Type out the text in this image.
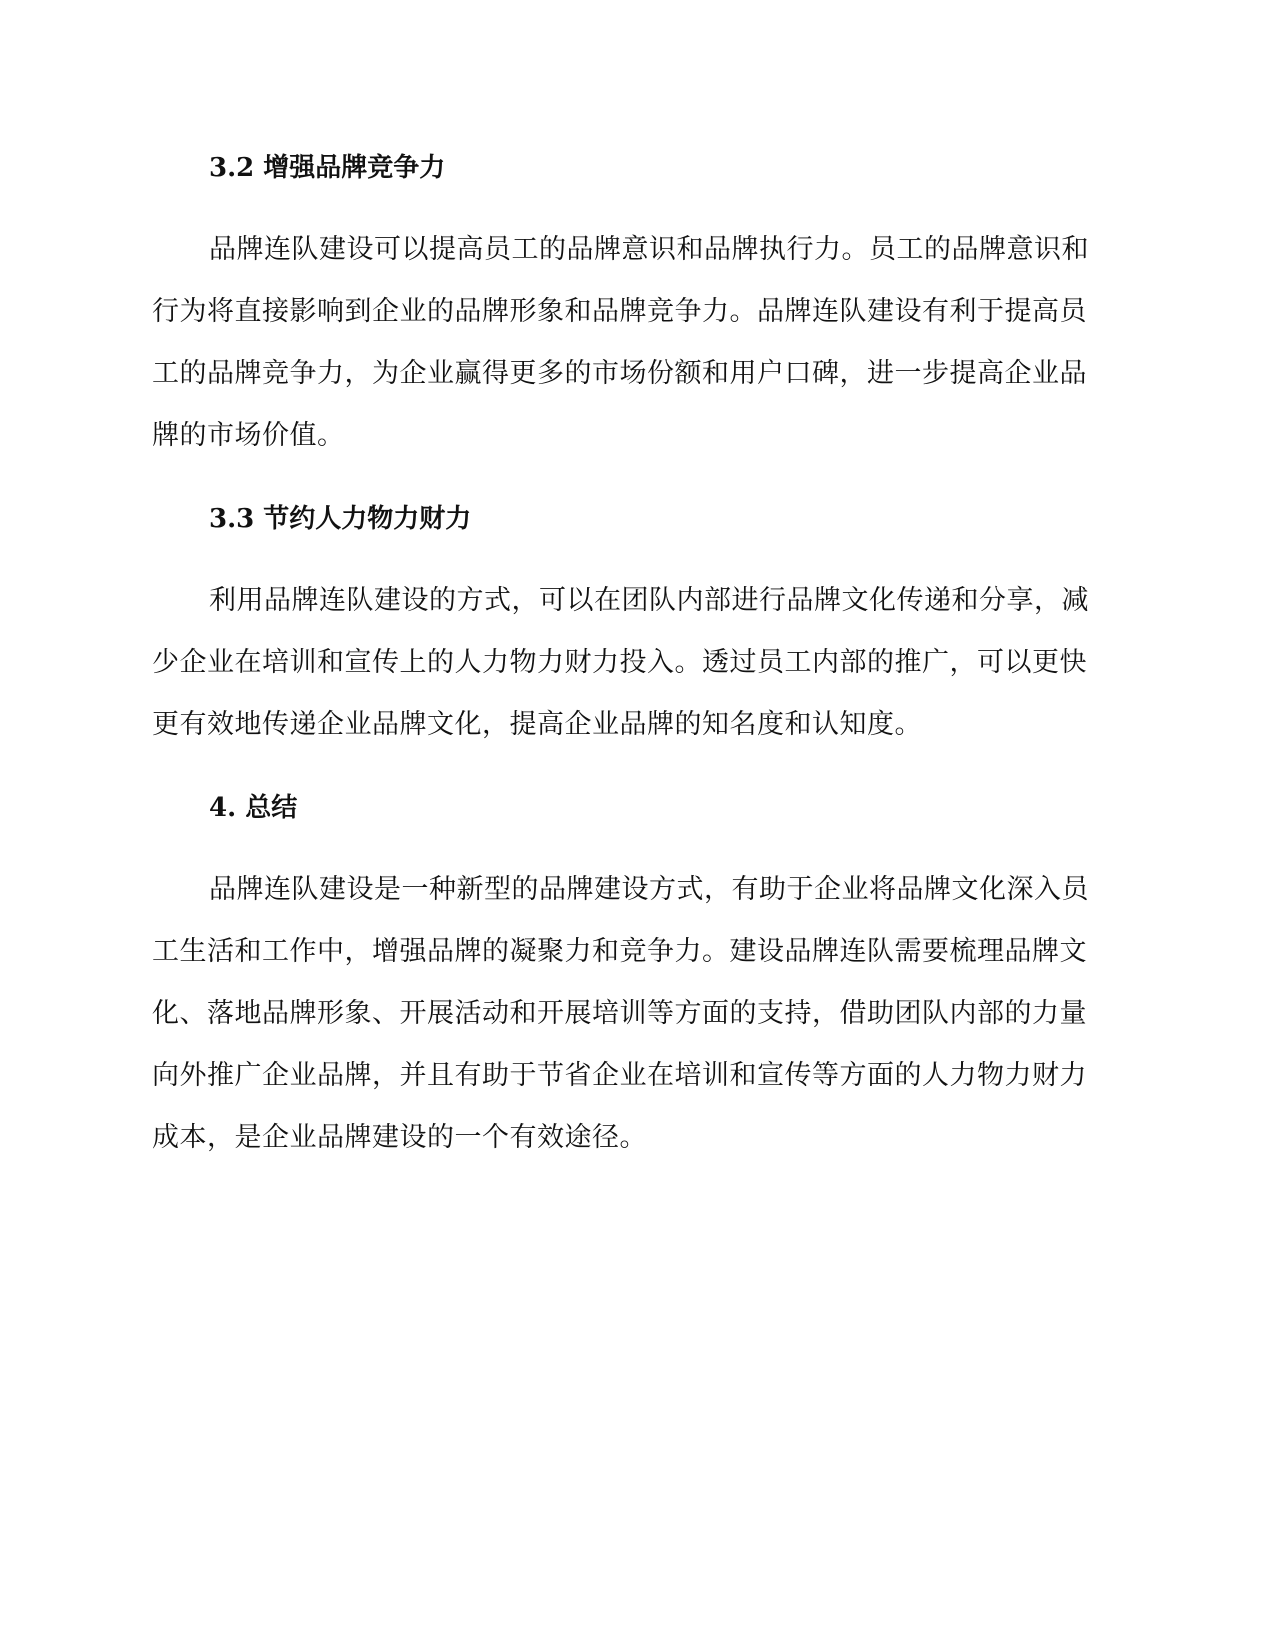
3.2 增强品牌竞争力

品牌连队建设可以提高员工的品牌意识和品牌执行力。员工的品牌意识和行为将直接影响到企业的品牌形象和品牌竞争力。品牌连队建设有利于提高员工的品牌竞争力，为企业赢得更多的市场份额和用户口碑，进一步提高企业品牌的市场价值。

3.3 节约人力物力财力

利用品牌连队建设的方式，可以在团队内部进行品牌文化传递和分享，减少企业在培训和宣传上的人力物力财力投入。透过员工内部的推广，可以更快更有效地传递企业品牌文化，提高企业品牌的知名度和认知度。

4. 总结

品牌连队建设是一种新型的品牌建设方式，有助于企业将品牌文化深入员工生活和工作中，增强品牌的凝聚力和竞争力。建设品牌连队需要梳理品牌文化、落地品牌形象、开展活动和开展培训等方面的支持，借助团队内部的力量向外推广企业品牌，并且有助于节省企业在培训和宣传等方面的人力物力财力成本，是企业品牌建设的一个有效途径。
